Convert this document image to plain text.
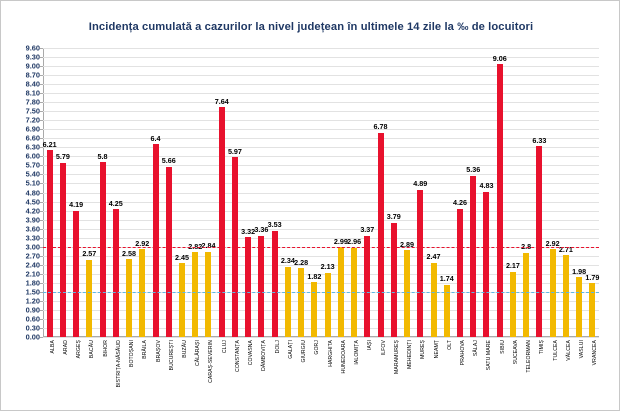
Incidența cumulată a cazurilor la nivel județean în ultimele 14 zile la ‰ de locuitori
0.00
0.30
0.60
0.90
1.20
1.50
1.80
2.10
2.40
2.70
3.00
3.30
3.60
3.90
4.20
4.50
4.80
5.10
5.40
5.70
6.00
6.30
6.60
6.90
7.20
7.50
7.80
8.10
8.40
8.70
9.00
9.30
9.60
6.21
ALBA
5.79
ARAD
4.19
ARGEȘ
2.57
BACĂU
5.8
BIHOR
4.25
BISTRIȚA-NĂSĂUD
2.58
BOTOȘANI
2.92
BRĂILA
6.4
BRAȘOV
5.66
BUCUREȘTI
2.45
BUZĂU
2.82
CĂLĂRAȘI
2.84
CARAȘ-SEVERIN
7.64
CLUJ
5.97
CONSTANȚA
3.32
COVASNA
3.36
DÂMBOVIȚA
3.53
DOLJ
2.34
GALAȚI
2.28
GIURGIU
1.82
GORJ
2.13
HARGHITA
2.99
HUNEDOARA
2.96
IALOMIȚA
3.37
IAȘI
6.78
ILFOV
3.79
MARAMUREȘ
2.89
MEHEDINȚI
4.89
MUREȘ
2.47
NEAMȚ
1.74
OLT
4.26
PRAHOVA
5.36
SĂLAJ
4.83
SATU MARE
9.06
SIBIU
2.17
SUCEAVA
2.8
TELEORMAN
6.33
TIMIȘ
2.92
TULCEA
2.71
VÂLCEA
1.98
VASLUI
1.79
VRANCEA
